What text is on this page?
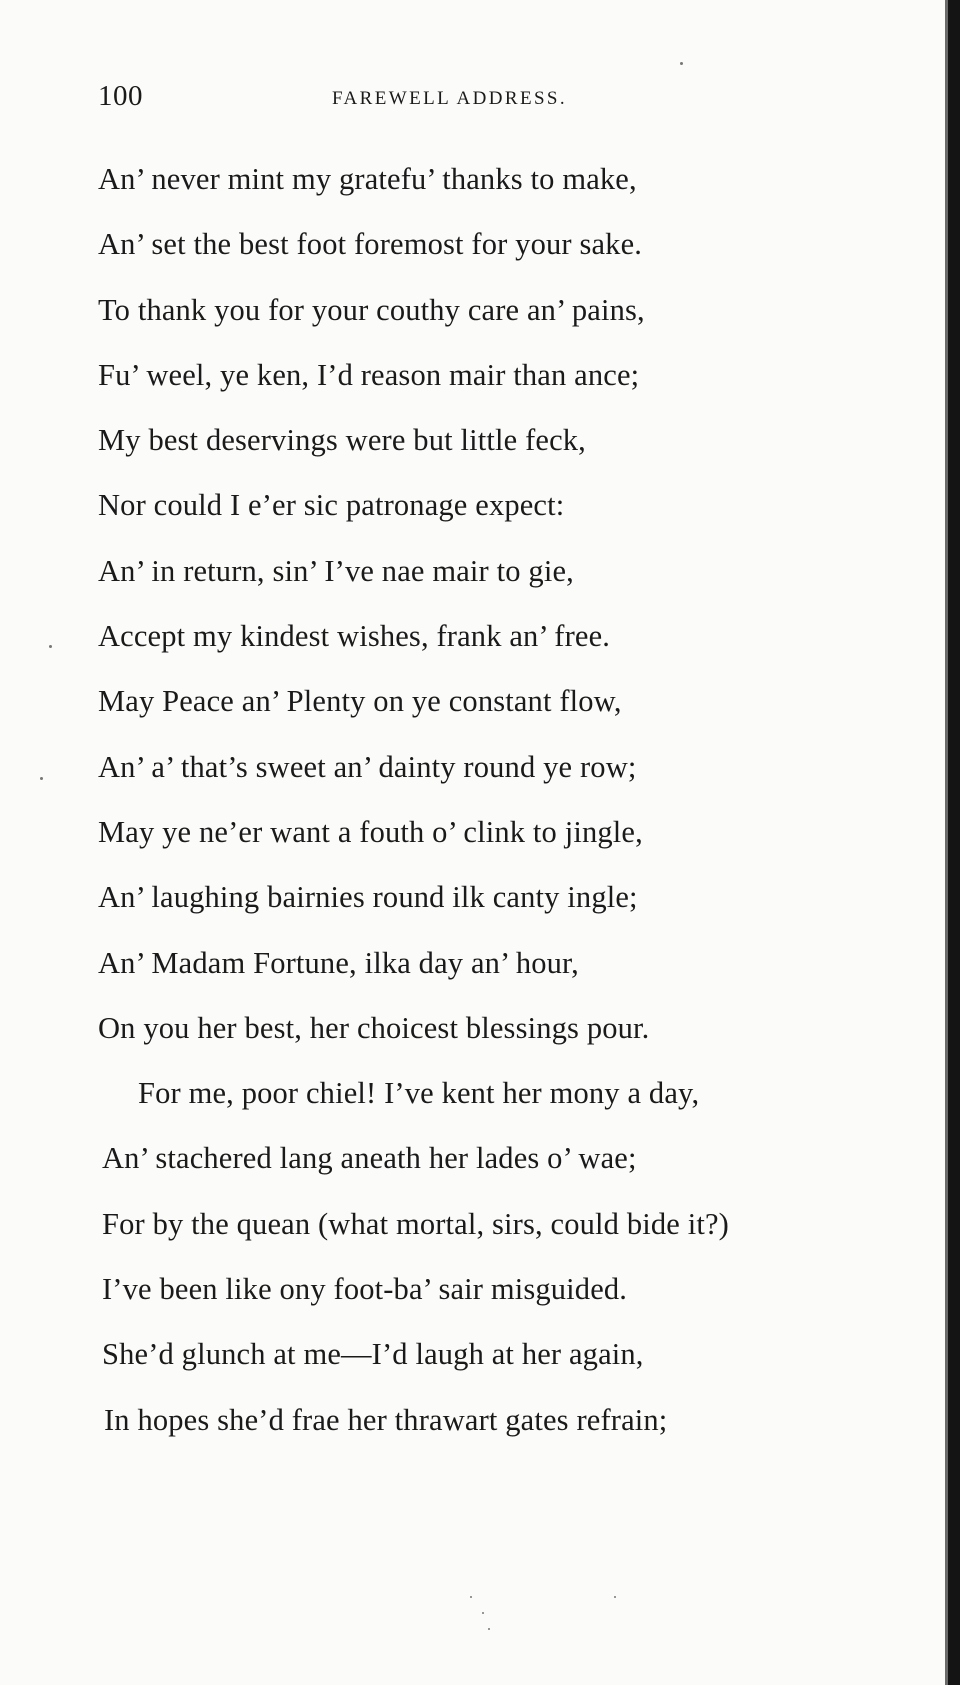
100	FAREWELL ADDRESS.
An’ never mint my gratefu’ thanks to make,
An’ set the best foot foremost for your sake.
To thank you for your couthy care an’ pains,
Fu’ weel, ye ken, I’d reason mair than ance;
My best deservings were but little feck,
Nor could I e’er sic patronage expect:
An’ in return, sin’ I’ve nae mair to gie,
Accept my kindest wishes, frank an’ free.
May Peace an’ Plenty on ye constant flow,
An’ a’ that’s sweet an’ dainty round ye row;
May ye ne’er want a fouth o’ clink to jingle,
An’ laughing bairnies round ilk canty ingle;
An’ Madam Fortune, ilka day an’ hour,
On you her best, her choicest blessings pour.
For me, poor chiel! I’ve kent her mony a day,
An’ stachered lang aneath her lades o’ wae;
For by the quean (what mortal, sirs, could bide it?)
I’ve been like ony foot-ba’ sair misguided.
She’d glunch at me—I’d laugh at her again,
In hopes she’d frae her thrawart gates refrain;
